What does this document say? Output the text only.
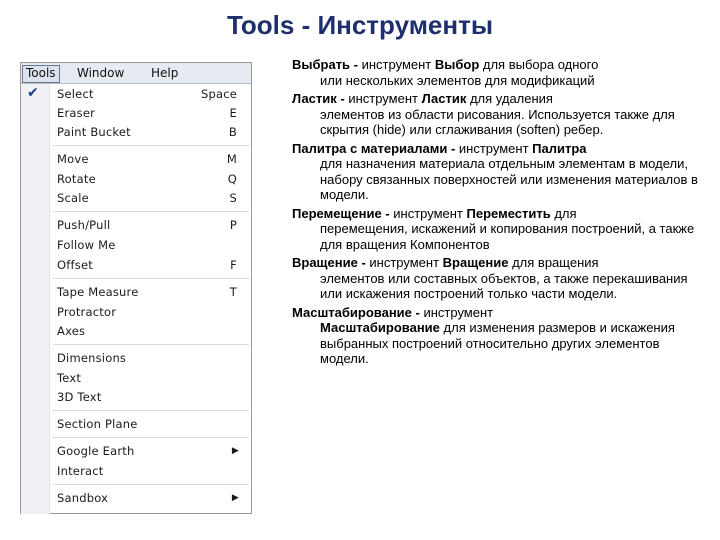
Tools - Инструменты
Tools	Window Help
✔ Select	Space
Eraser	E
Paint Bucket	B
Move	M
Rotate	Q
Scale	S
Push/Pull	P
Follow Me
Offset	F
Tape Measure	T
Protractor
Axes
Dimensions
Text
3D Text
Section Plane
Google Earth	▶
Interact
Sandbox	▶

Выбрать - инструмент Выбор для выбора одного
или нескольких элементов для модификаций

Ластик - инструмент Ластик для удаления
элементов из области рисования. Используется также для скрытия (hide) или сглаживания (soften) ребер.

Палитра с материалами - инструмент Палитра
для назначения материала отдельным элементам в модели, набору связанных поверхностей или изменения материалов в модели.

Перемещение - инструмент Переместить для
перемещения, искажений и копирования построений, а также для вращения Компонентов

Вращение - инструмент Вращение для вращения
элементов или составных объектов, а также перекашивания или искажения построений только части модели.

Масштабирование - инструмент
Масштабирование для изменения размеров и искажения выбранных построений относительно других элементов модели.
